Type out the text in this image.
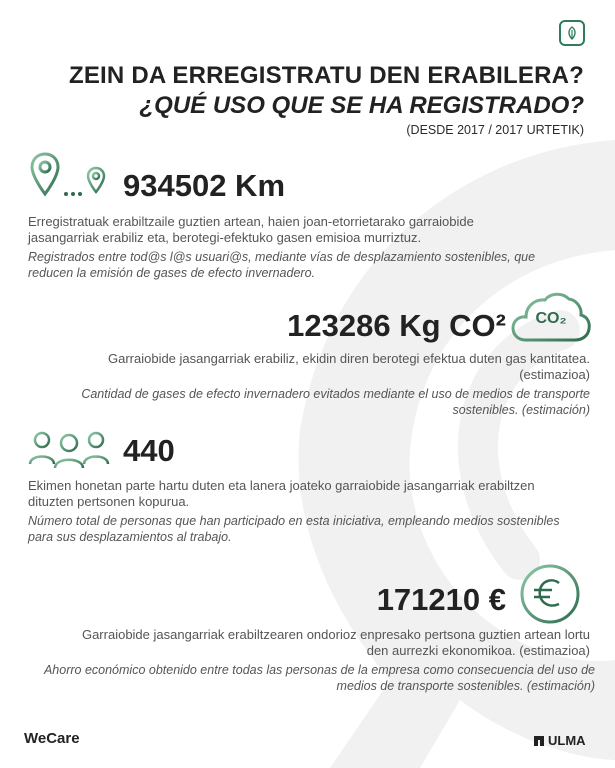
ZEIN DA ERREGISTRATU DEN ERABILERA?
¿QUÉ USO QUE SE HA REGISTRADO?
(DESDE 2017 / 2017 URTETIK)
934502 Km
Erregistratuak erabiltzaile guztien artean, haien joan-etorrietarako garraiobide jasangarriak erabiliz eta, berotegi-efektuko gasen emisioa murriztuz.
Registrados entre tod@s l@s usuari@s, mediante vías de desplazamiento sostenibles, que reducen la emisión de gases de efecto invernadero.
123286 Kg CO²	CO₂
Garraiobide jasangarriak erabiliz, ekidin diren berotegi efektua duten gas kantitatea. (estimazioa)
Cantidad de gases de efecto invernadero evitados mediante el uso de medios de transporte sostenibles. (estimación)
440
Ekimen honetan parte hartu duten eta lanera joateko garraiobide jasangarriak erabiltzen dituzten pertsonen kopurua.
Número total de personas que han participado en esta iniciativa, empleando medios sostenibles para sus desplazamientos al trabajo.
171210 €
Garraiobide jasangarriak erabiltzearen ondorioz enpresako pertsona guztien artean lortu den aurrezki ekonomikoa. (estimazioa)
Ahorro económico obtenido entre todas las personas de la empresa como consecuencia del uso de medios de transporte sostenibles. (estimación)
WeCare	ULMA
